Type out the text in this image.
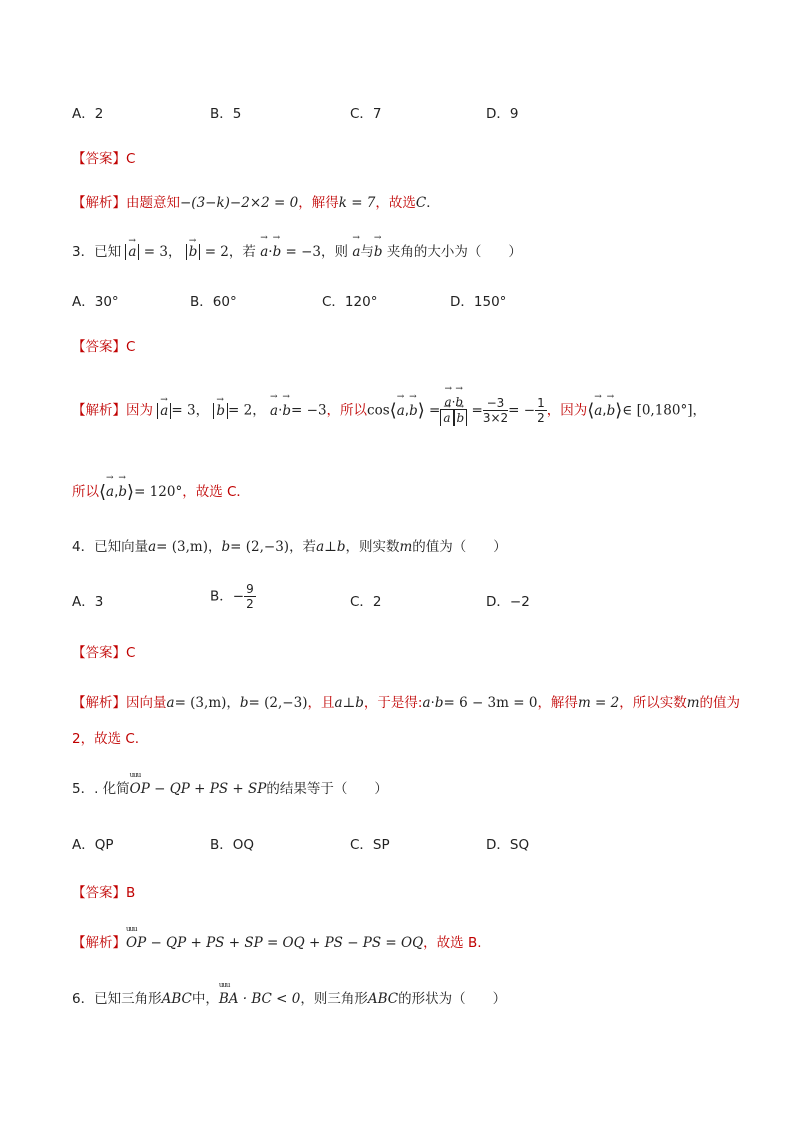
A．2	B．5	C．7	D．9
【答案】C
【解析】由题意知−(3−k)−2×2 = 0，解得k = 7，故选C．
3．已知 → a = 3， → b = 2，若 → a·→ b = −3，则 → a与→ b 夹角的大小为（　　）
A．30°	B．60°	C．120°	D．150°
【答案】C
【解析】因为 → a = 3， → b = 2， → a·→ b= −3，所以cos⟨→ a,→ b⟩ = → a·→ b
→ $a \to b = \frac{-3}{3\times 2}$ = − $\frac{1}{2}$ ，因为⟨→ a,→ b⟩∈ [0,180°]，
所以⟨→ a,→ b⟩= 120°，故选 C．
4．已知向量a= (3,m)，b= (2,−3)，若a⊥b，则实数m的值为（　　）
A．3	B．− $\frac{9}{2}$	C．2	D．−2
【答案】C
【解析】因向量a= (3,m)，b= (2,−3)，且a⊥b，于是得:a·b= 6 − 3m = 0，解得m = 2，所以实数m的值为
2，故选 C.
5．. 化简uuu OP − QP + PS + SP的结果等于（　　）
A．QP	B．OQ	C．SP	D．SQ
【答案】B
【解析】uuu OP − QP + PS + SP = OQ + PS − PS = OQ，故选 B.
6．已知三角形ABC中，uuu BA · BC < 0，则三角形ABC的形状为（　　）
